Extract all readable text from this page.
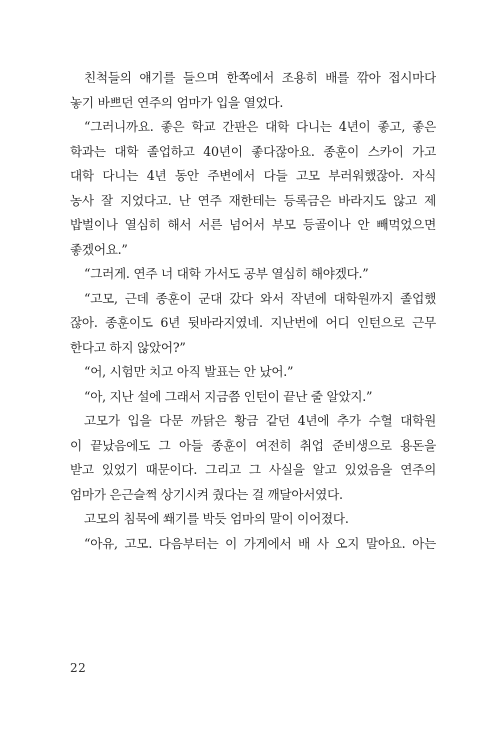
친척들의 얘기를 들으며 한쪽에서 조용히 배를 깎아 접시마다
놓기 바쁘던 연주의 엄마가 입을 열었다.
“그러니까요. 좋은 학교 간판은 대학 다니는 4년이 좋고, 좋은
학과는 대학 졸업하고 40년이 좋다잖아요. 종훈이 스카이 가고
대학 다니는 4년 동안 주변에서 다들 고모 부러워했잖아. 자식
농사 잘 지었다고. 난 연주 재한테는 등록금은 바라지도 않고 제
밥벌이나 열심히 해서 서른 넘어서 부모 등골이나 안 빼먹었으면
좋겠어요.”
“그러게. 연주 너 대학 가서도 공부 열심히 해야겠다.”
“고모, 근데 종훈이 군대 갔다 와서 작년에 대학원까지 졸업했
잖아. 종훈이도 6년 뒷바라지였네. 지난번에 어디 인턴으로 근무
한다고 하지 않았어?”
“어, 시험만 치고 아직 발표는 안 났어.”
“아, 지난 설에 그래서 지금쯤 인턴이 끝난 줄 알았지.”
고모가 입을 다문 까닭은 황금 같던 4년에 추가 수혈 대학원
이 끝났음에도 그 아들 종훈이 여전히 취업 준비생으로 용돈을
받고 있었기 때문이다. 그리고 그 사실을 알고 있었음을 연주의
엄마가 은근슬쩍 상기시켜 줬다는 걸 깨달아서였다.
고모의 침묵에 쐐기를 박듯 엄마의 말이 이어졌다.
“아유, 고모. 다음부터는 이 가게에서 배 사 오지 말아요. 아는
22
